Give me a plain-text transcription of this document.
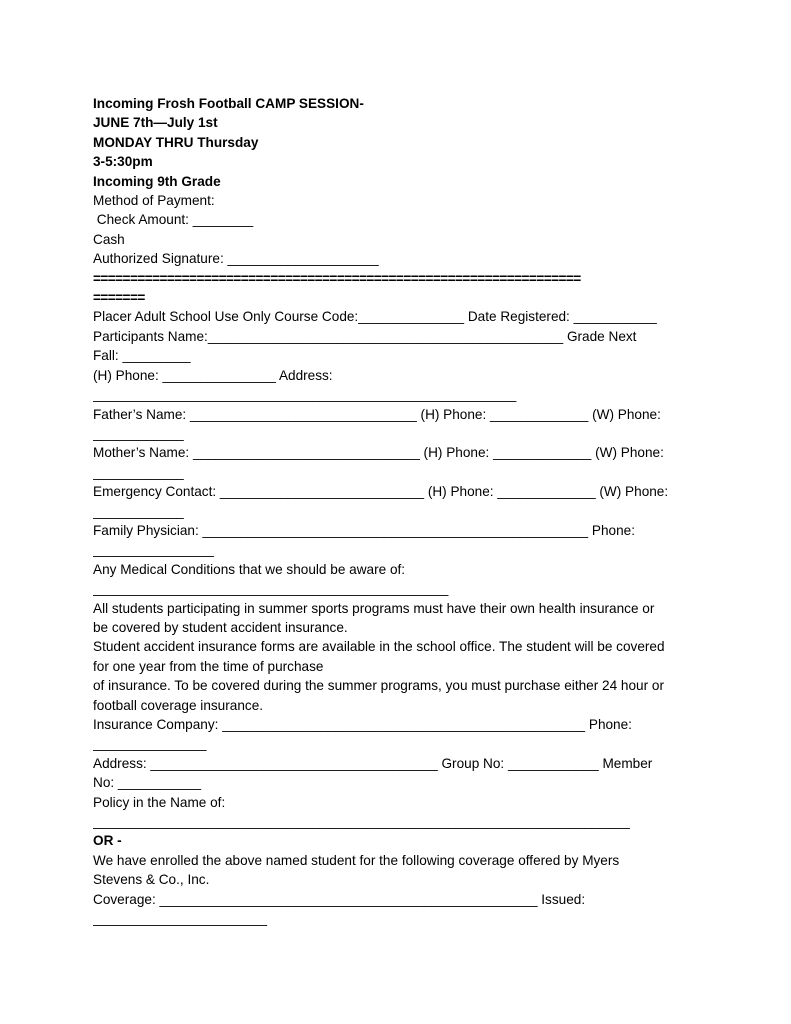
Incoming Frosh Football CAMP SESSION-
JUNE 7th—July 1st
MONDAY THRU Thursday
3-5:30pm
Incoming 9th Grade
Method of Payment:
Check Amount: ________
Cash
Authorized Signature: ____________________
==================================================================
=======
Placer Adult School Use Only Course Code:______________ Date Registered: ___________
Participants Name:_______________________________________________ Grade Next
Fall: _________
(H) Phone: _______________ Address:
________________________________________________________
Father’s Name: ______________________________ (H) Phone: _____________ (W) Phone:
____________
Mother’s Name: ______________________________ (H) Phone: _____________ (W) Phone:
____________
Emergency Contact: ___________________________ (H) Phone: _____________ (W) Phone:
____________
Family Physician: ___________________________________________________ Phone:
________________
Any Medical Conditions that we should be aware of:
_______________________________________________
All students participating in summer sports programs must have their own health insurance or
be covered by student accident insurance.
Student accident insurance forms are available in the school office. The student will be covered
for one year from the time of purchase
of insurance. To be covered during the summer programs, you must purchase either 24 hour or
football coverage insurance.
Insurance Company: ________________________________________________ Phone:
_______________
Address: ______________________________________ Group No: ____________ Member
No: ___________
Policy in the Name of:
_______________________________________________________________________
OR -
We have enrolled the above named student for the following coverage offered by Myers
Stevens & Co., Inc.
Coverage: __________________________________________________ Issued:
_______________________
